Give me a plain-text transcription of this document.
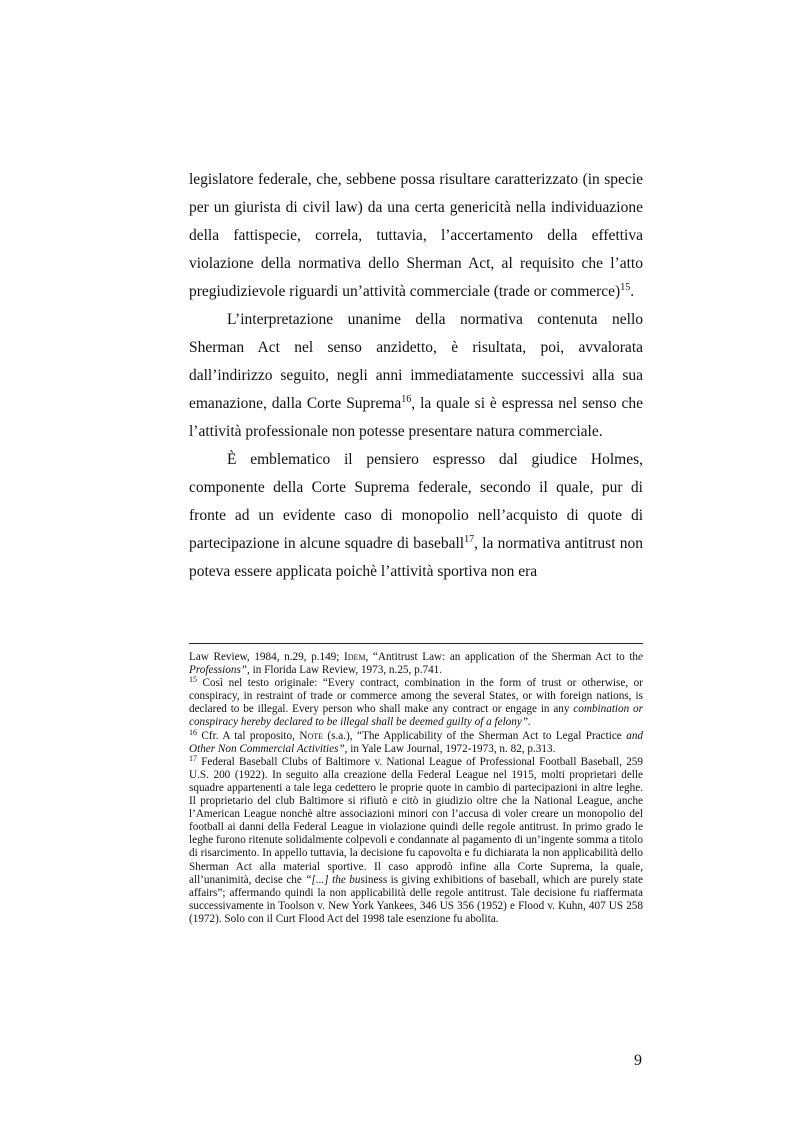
legislatore federale, che, sebbene possa risultare caratterizzato (in specie per un giurista di civil law) da una certa genericità nella individuazione della fattispecie, correla, tuttavia, l’accertamento della effettiva violazione della normativa dello Sherman Act, al requisito che l’atto pregiudizievole riguardi un’attività commerciale (trade or commerce)$^{15}$.

L’interpretazione unanime della normativa contenuta nello Sherman Act nel senso anzidetto, è risultata, poi, avvalorata dall’indirizzo seguito, negli anni immediatamente successivi alla sua emanazione, dalla Corte Suprema$^{16}$, la quale si è espressa nel senso che l’attività professionale non potesse presentare natura commerciale.

È emblematico il pensiero espresso dal giudice Holmes, componente della Corte Suprema federale, secondo il quale, pur di fronte ad un evidente caso di monopolio nell’acquisto di quote di partecipazione in alcune squadre di baseball$^{17}$, la normativa antitrust non poteva essere applicata poichè l’attività sportiva non era

Law Review, 1984, n.29, p.149; Idem, “Antitrust Law: an application of the Sherman Act to the Professions”, in Florida Law Review, 1973, n.25, p.741.

$^{15}$ Così nel testo originale: “Every contract, combination in the form of trust or otherwise, or conspiracy, in restraint of trade or commerce among the several States, or with foreign nations, is declared to be illegal. Every person who shall make any contract or engage in any combination or conspiracy hereby declared to be illegal shall be deemed guilty of a felony”.

$^{16}$ Cfr. A tal proposito, Note (s.a.), “The Applicability of the Sherman Act to Legal Practice and Other Non Commercial Activities”, in Yale Law Journal, 1972-1973, n. 82, p.313.

$^{17}$ Federal Baseball Clubs of Baltimore v. National League of Professional Football Baseball, 259 U.S. 200 (1922). In seguito alla creazione della Federal League nel 1915, molti proprietari delle squadre appartenenti a tale lega cedettero le proprie quote in cambio di partecipazioni in altre leghe. Il proprietario del club Baltimore si rifiutò e citò in giudizio oltre che la National League, anche l’American League nonchè altre associazioni minori con l’accusa di voler creare un monopolio del football ai danni della Federal League in violazione quindi delle regole antitrust. In primo grado le leghe furono ritenute solidalmente colpevoli e condannate al pagamento di un’ingente somma a titolo di risarcimento. In appello tuttavia, la decisione fu capovolta e fu dichiarata la non applicabilità dello Sherman Act alla material sportive. Il caso approdò infine alla Corte Suprema, la quale, all’unanimità, decise che “[...] the business is giving exhibitions of baseball, which are purely state affairs”; affermando quindi la non applicabilità delle regole antitrust. Tale decisione fu riaffermata successivamente in Toolson v. New York Yankees, 346 US 356 (1952) e Flood v. Kuhn, 407 US 258 (1972). Solo con il Curt Flood Act del 1998 tale esenzione fu abolita.

9
